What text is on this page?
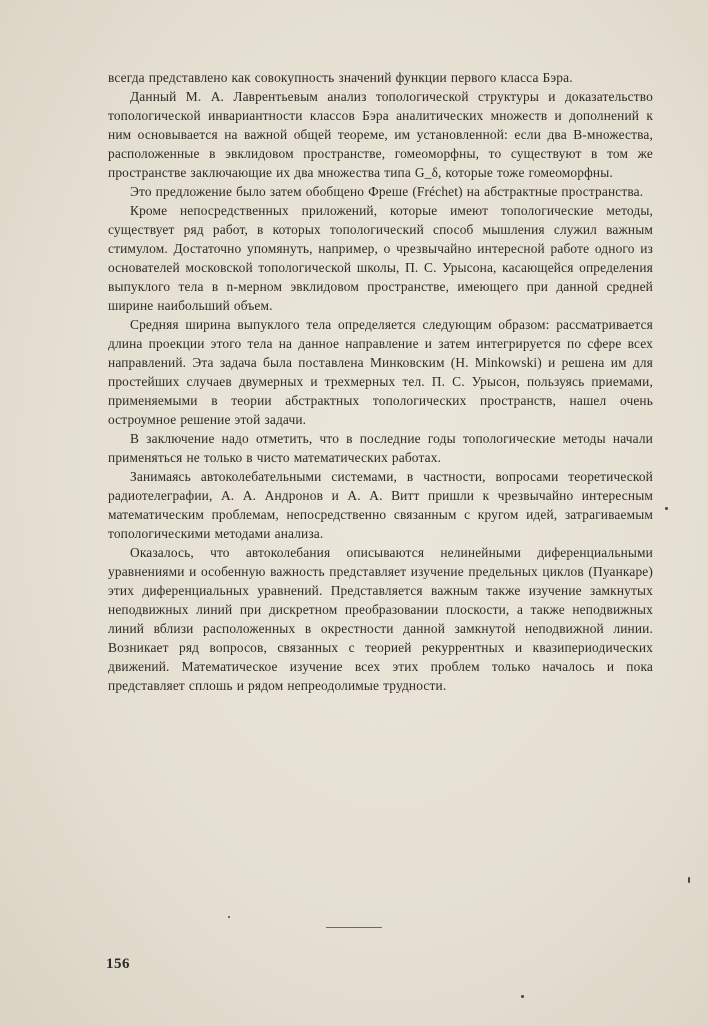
всегда представлено как совокупность значений функции первого класса Бэра.

Данный М. А. Лаврентьевым анализ топологической структуры и доказательство топологической инвариантности классов Бэра аналитических множеств и дополнений к ним основывается на важной общей теореме, им установленной: если два B-множества, расположенные в эвклидовом пространстве, гомеоморфны, то существуют в том же пространстве заключающие их два множества типа G_δ, которые тоже гомеоморфны.

Это предложение было затем обобщено Фреше (Fréchet) на абстрактные пространства.

Кроме непосредственных приложений, которые имеют топологические методы, существует ряд работ, в которых топологический способ мышления служил важным стимулом. Достаточно упомянуть, например, о чрезвычайно интересной работе одного из основателей московской топологической школы, П. С. Урысона, касающейся определения выпуклого тела в n-мерном эвклидовом пространстве, имеющего при данной средней ширине наибольший объем.

Средняя ширина выпуклого тела определяется следующим образом: рассматривается длина проекции этого тела на данное направление и затем интегрируется по сфере всех направлений. Эта задача была поставлена Минковским (H. Minkowski) и решена им для простейших случаев двумерных и трехмерных тел. П. С. Урысон, пользуясь приемами, применяемыми в теории абстрактных топологических пространств, нашел очень остроумное решение этой задачи.

В заключение надо отметить, что в последние годы топологические методы начали применяться не только в чисто математических работах.

Занимаясь автоколебательными системами, в частности, вопросами теоретической радиотелеграфии, А. А. Андронов и А. А. Витт пришли к чрезвычайно интересным математическим проблемам, непосредственно связанным с кругом идей, затрагиваемым топологическими методами анализа.

Оказалось, что автоколебания описываются нелинейными диференциальными уравнениями и особенную важность представляет изучение предельных циклов (Пуанкаре) этих диференциальных уравнений. Представляется важным также изучение замкнутых неподвижных линий при дискретном преобразовании плоскости, а также неподвижных линий вблизи расположенных в окрестности данной замкнутой неподвижной линии. Возникает ряд вопросов, связанных с теорией рекуррентных и квазипериодических движений. Математическое изучение всех этих проблем только началось и пока представляет сплошь и рядом непреодолимые трудности.

156
